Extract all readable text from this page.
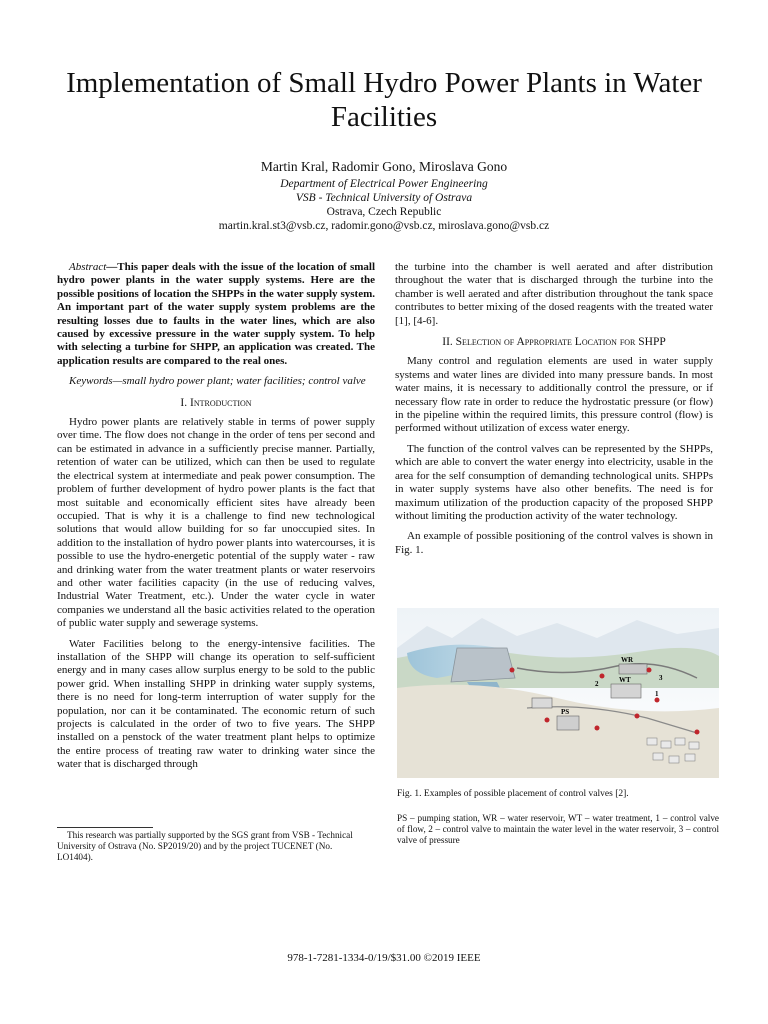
Implementation of Small Hydro Power Plants in Water Facilities
Martin Kral, Radomir Gono, Miroslava Gono
Department of Electrical Power Engineering
VSB - Technical University of Ostrava
Ostrava, Czech Republic
martin.kral.st3@vsb.cz, radomir.gono@vsb.cz, miroslava.gono@vsb.cz

Abstract—This paper deals with the issue of the location of small hydro power plants in the water supply systems. Here are the possible positions of location the SHPPs in the water supply system. An important part of the water supply system problems are the resulting losses due to faults in the water lines, which are also caused by excessive pressure in the water supply system. To help with selecting a turbine for SHPP, an application was created. The application results are compared to the real ones.

Keywords—small hydro power plant; water facilities; control valve

I. Introduction

Hydro power plants are relatively stable in terms of power supply over time. The flow does not change in the order of tens per second and can be estimated in advance in a sufficiently precise manner. Partially, retention of water can be utilized, which can then be used to regulate the electrical system at intermediate and peak power consumption. The problem of further development of hydro power plants is the fact that most suitable and economically efficient sites have already been occupied. That is why it is a challenge to find new technological solutions that would allow building for so far unoccupied sites. In addition to the installation of hydro power plants into watercourses, it is possible to use the hydro-energetic potential of the supply water - raw and drinking water from the water treatment plants or water reservoirs and other water facilities capacity (in the use of reducing valves, Industrial Water Treatment, etc.). Under the water cycle in water companies we understand all the basic activities related to the operation of public water supply and sewerage systems.

Water Facilities belong to the energy-intensive facilities. The installation of the SHPP will change its operation to self-sufficient energy and in many cases allow surplus energy to be sold to the public power grid. When installing SHPP in drinking water supply systems, there is no need for long-term interruption of water supply for the population, nor can it be contaminated. The economic return of such projects is calculated in the order of two to five years. The SHPP installed on a penstock of the water treatment plant helps to optimize the entire process of treating raw water to drinking water since the water that is discharged through

This research was partially supported by the SGS grant from VSB - Technical University of Ostrava (No. SP2019/20) and by the project TUCENET (No. LO1404).

the turbine into the chamber is well aerated and after distribution throughout the water that is discharged through the turbine into the chamber is well aerated and after distribution throughout the tank space contributes to better mixing of the dosed reagents with the treated water [1], [4-6].

II. Selection of Appropriate Location for SHPP

Many control and regulation elements are used in water supply systems and water lines are divided into many pressure bands. In most water mains, it is necessary to additionally control the pressure, or if necessary flow rate in order to reduce the hydrostatic pressure (or flow) in the pipeline within the required limits, this pressure control (flow) is performed without utilization of excess water energy.

The function of the control valves can be represented by the SHPPs, which are able to convert the water energy into electricity, usable in the area for the self consumption of demanding technological units. SHPPs in water supply systems have also other benefits. The need is for maximum utilization of the production capacity of the proposed SHPP without limiting the production activity of the water technology.

An example of possible positioning of the control valves is shown in Fig. 1.

WR
WT
PS
2
1
3
Fig. 1. Examples of possible placement of control valves [2].
PS – pumping station, WR – water reservoir, WT – water treatment, 1 – control valve of flow, 2 – control valve to maintain the water level in the water reservoir, 3 – control valve of pressure
978-1-7281-1334-0/19/$31.00 ©2019 IEEE
